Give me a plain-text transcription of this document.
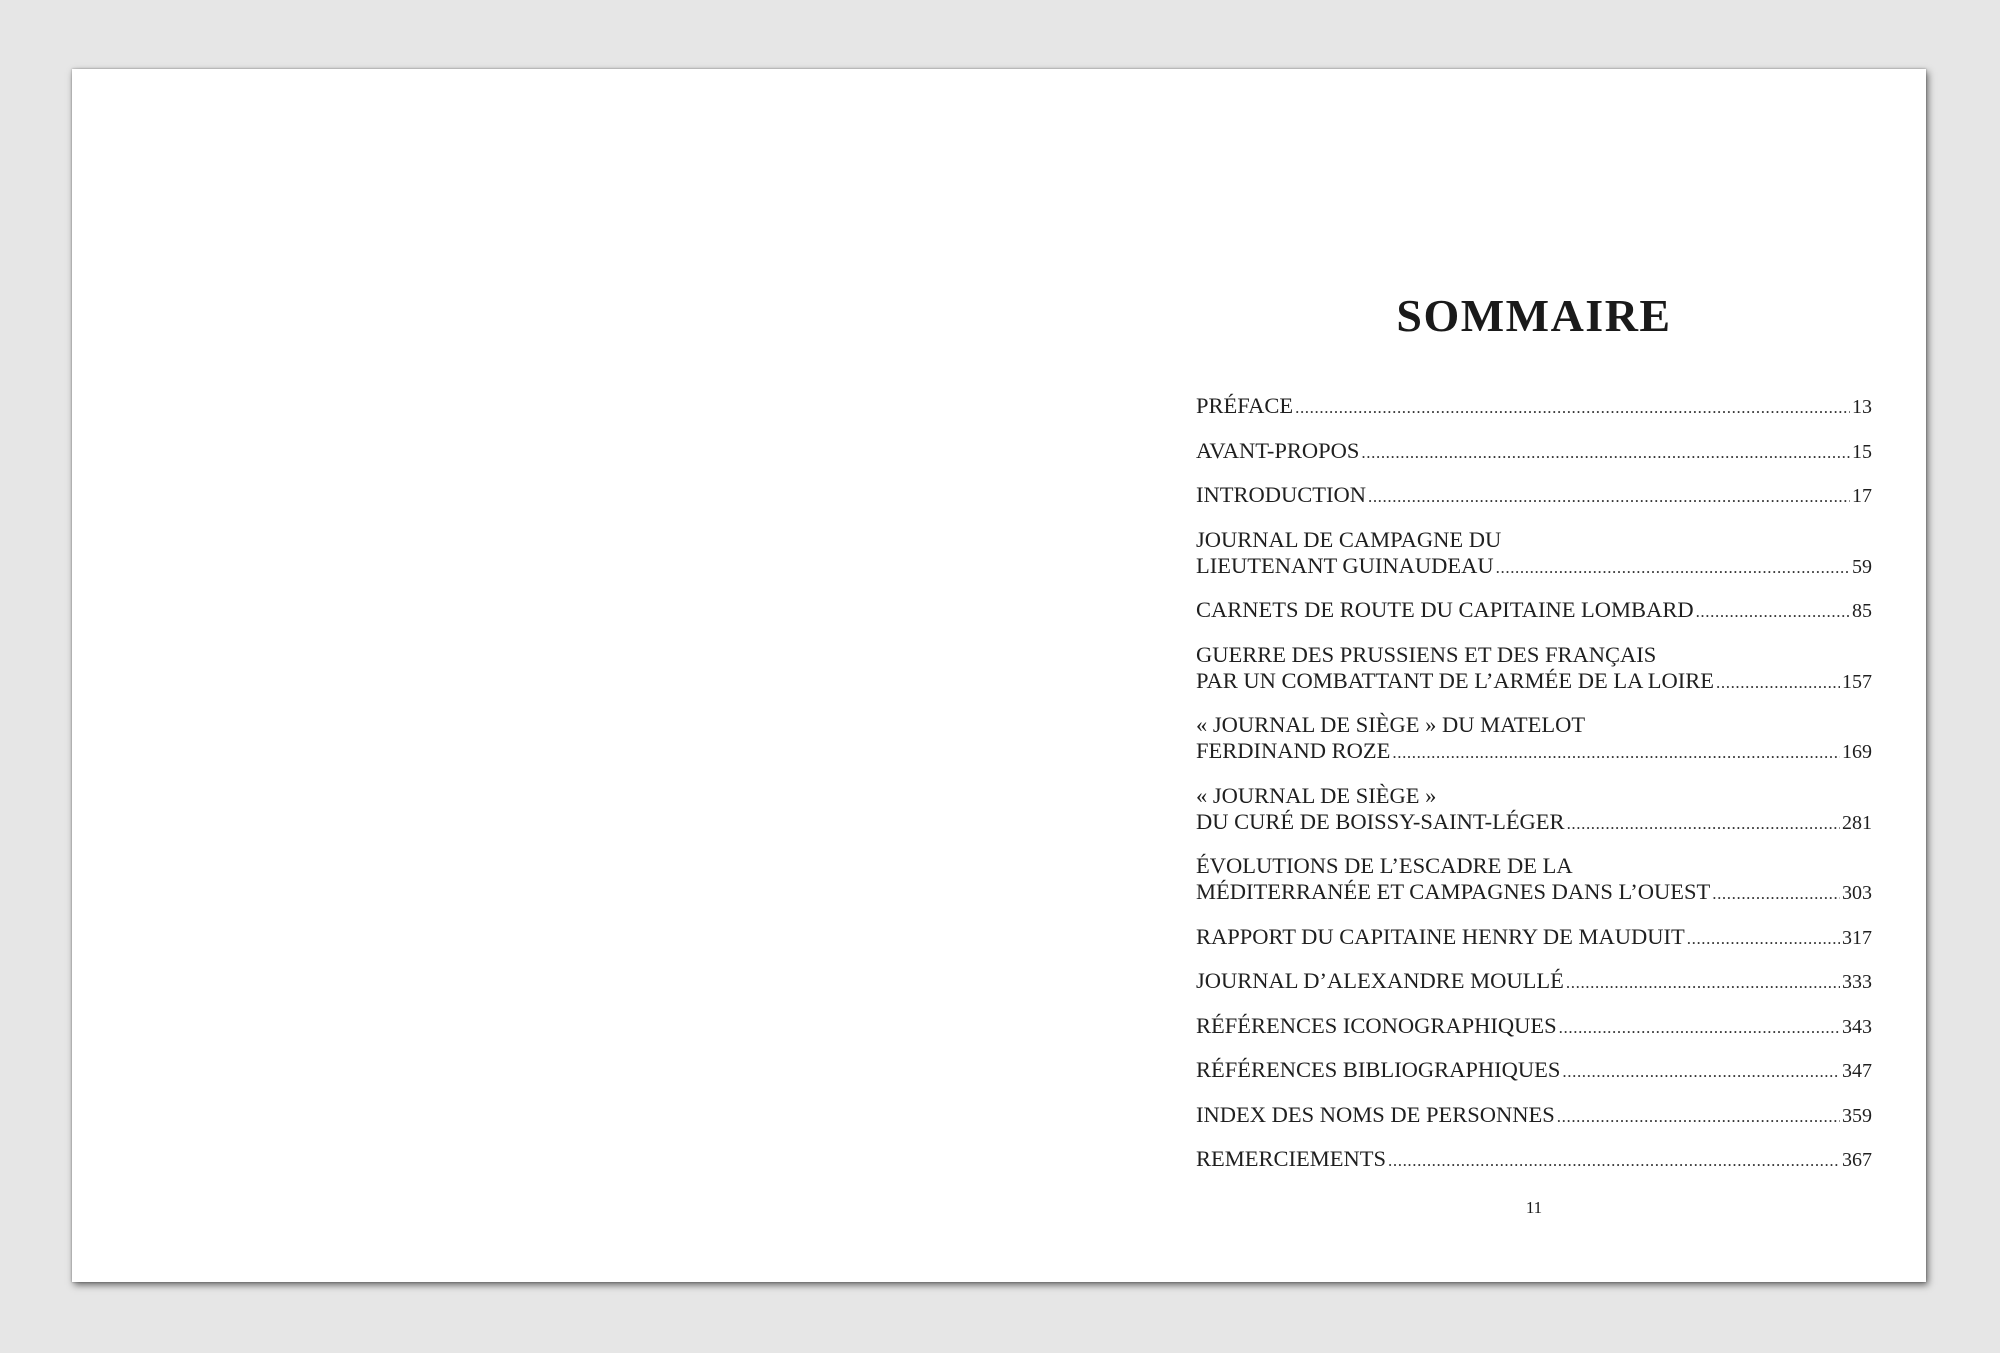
SOMMAIRE
PRÉFACE .....	13
AVANT-PROPOS .....	15
INTRODUCTION .....	17
JOURNAL DE CAMPAGNE DU
LIEUTENANT GUINAUDEAU .....	59
CARNETS DE ROUTE DU CAPITAINE LOMBARD .....	85
GUERRE DES PRUSSIENS ET DES FRANÇAIS
PAR UN COMBATTANT DE L’ARMÉE DE LA LOIRE .....	157
« JOURNAL DE SIÈGE » DU MATELOT
FERDINAND ROZE .....	169
« JOURNAL DE SIÈGE »
DU CURÉ DE BOISSY-SAINT-LÉGER .....	281
ÉVOLUTIONS DE L’ESCADRE DE LA
MÉDITERRANÉE ET CAMPAGNES DANS L’OUEST .....	303
RAPPORT DU CAPITAINE HENRY DE MAUDUIT .....	317
JOURNAL D’ALEXANDRE MOULLÉ .....	333
RÉFÉRENCES ICONOGRAPHIQUES .....	343
RÉFÉRENCES BIBLIOGRAPHIQUES .....	347
INDEX DES NOMS DE PERSONNES .....	359
REMERCIEMENTS .....	367
11
